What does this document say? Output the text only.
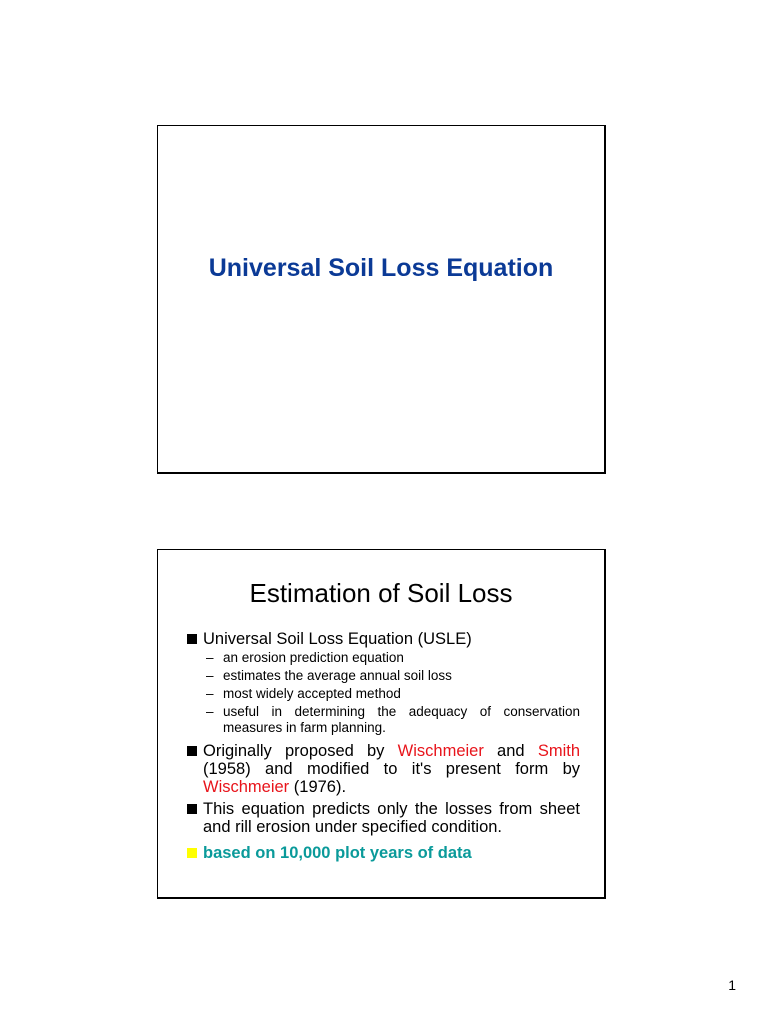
Universal Soil Loss Equation
Estimation of Soil Loss
Universal Soil Loss Equation (USLE)
– an erosion prediction equation
– estimates the average annual soil loss
– most widely accepted method
– useful in determining the adequacy of conservation measures in farm planning.
Originally proposed by Wischmeier and Smith (1958) and modified to it's present form by Wischmeier (1976).
This equation predicts only the losses from sheet and rill erosion under specified condition.
based on 10,000 plot years of data
1
